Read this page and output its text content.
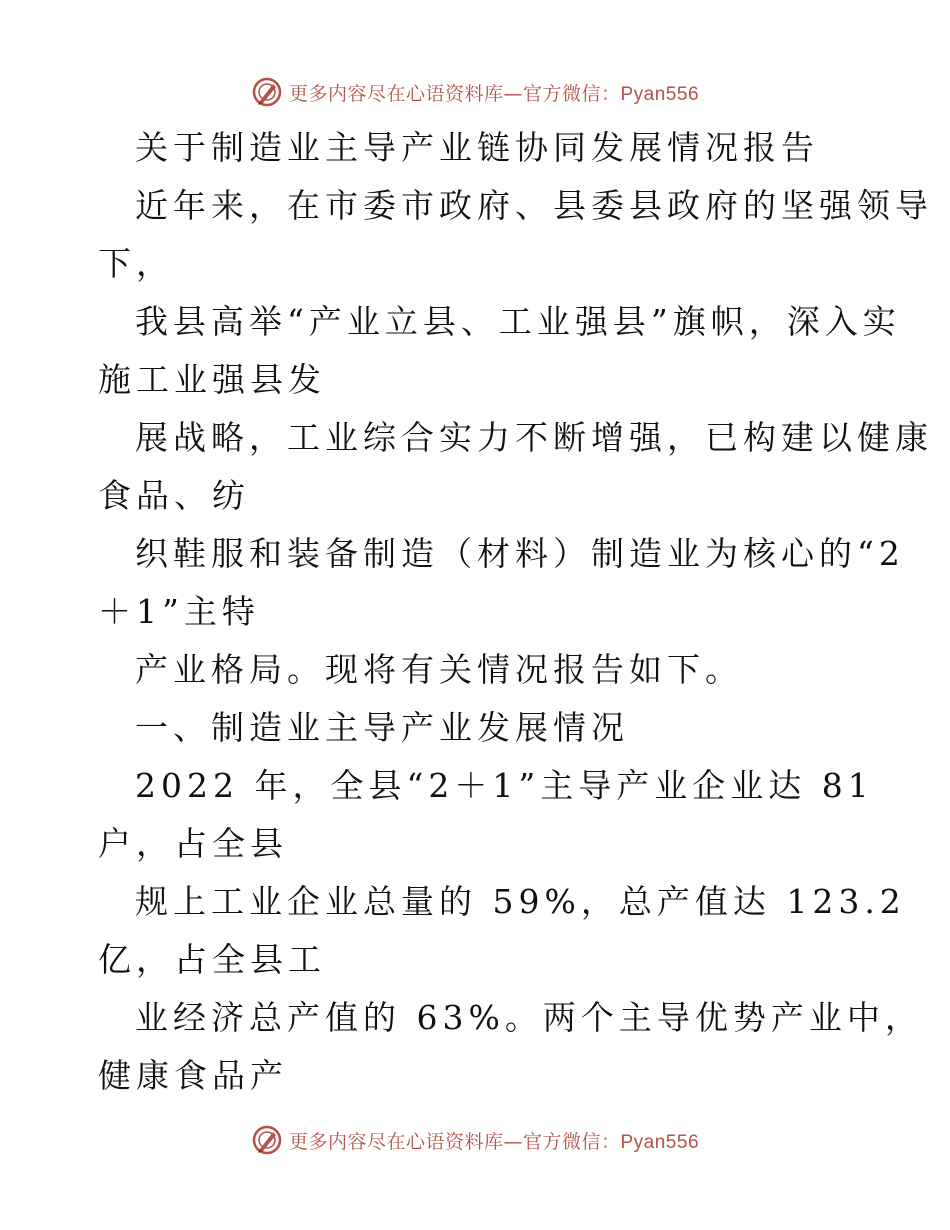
更多内容尽在心语资料库—官方微信：Pyan556
关于制造业主导产业链协同发展情况报告
近年来，在市委市政府、县委县政府的坚强领导
下，
我县高举“产业立县、工业强县”旗帜，深入实
施工业强县发
展战略，工业综合实力不断增强，已构建以健康
食品、纺
织鞋服和装备制造（材料）制造业为核心的“2
＋1”主特
产业格局。现将有关情况报告如下。
一、制造业主导产业发展情况
2022 年，全县“2＋1”主导产业企业达 81
户，占全县
规上工业企业总量的 59%，总产值达 123.2
亿，占全县工
业经济总产值的 63%。两个主导优势产业中，
健康食品产
更多内容尽在心语资料库—官方微信：Pyan556
